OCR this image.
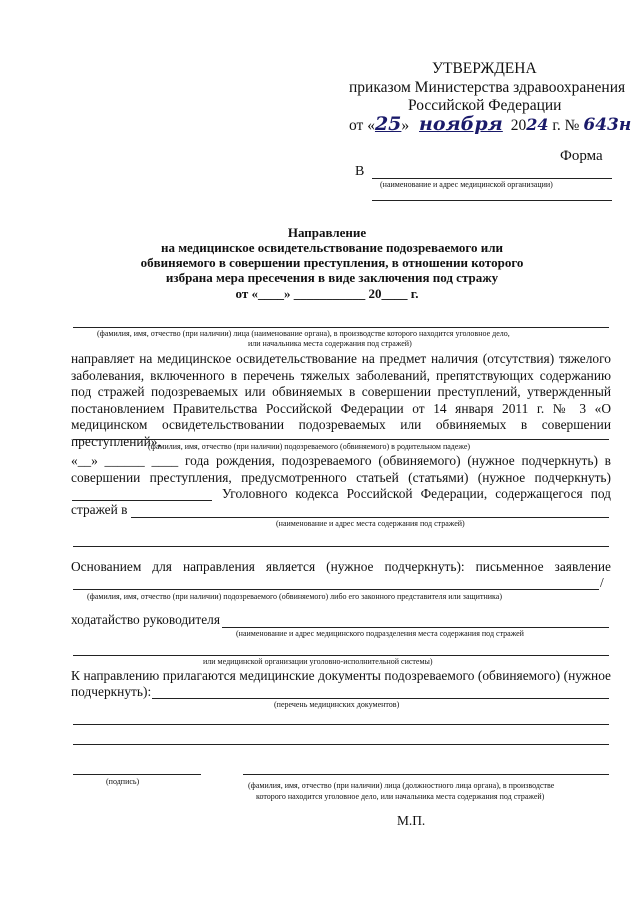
УТВЕРЖДЕНА
приказом Министерства здравоохранения
Российской Федерации
от «25» ноября 2024 г. № 643н
Форма
В
(наименование и адрес медицинской организации)
Направление
на медицинское освидетельствование подозреваемого или
обвиняемого в совершении преступления, в отношении которого
избрана мера пресечения в виде заключения под стражу
от «____» ___________ 20____ г.
(фамилия, имя, отчество (при наличии) лица (наименование органа), в производстве которого находится уголовное дело,
или начальника места содержания под стражей)
направляет на медицинское освидетельствование на предмет наличия (отсутствия) тяжелого заболевания, включенного в перечень тяжелых заболеваний, препятствующих содержанию под стражей подозреваемых или обвиняемых в совершении преступлений, утвержденный постановлением Правительства Российской Федерации от 14 января 2011 г. № 3 «О медицинском освидетельствовании подозреваемых или обвиняемых в совершении преступлений»,
(фамилия, имя, отчество (при наличии) подозреваемого (обвиняемого) в родительном падеже)
«__» ______ ____ года рождения, подозреваемого (обвиняемого) (нужное подчеркнуть) в
совершении преступления, предусмотренного статьей (статьями) (нужное подчеркнуть)
Уголовного кодекса Российской Федерации, содержащегося под
стражей в
(наименование и адрес места содержания под стражей)
Основанием для направления является (нужное подчеркнуть): письменное заявление
/
(фамилия, имя, отчество (при наличии) подозреваемого (обвиняемого) либо его законного представителя или защитника)
ходатайство руководителя
(наименование и адрес медицинского подразделения места содержания под стражей
или медицинской организации уголовно-исполнительной системы)
К направлению прилагаются медицинские документы подозреваемого (обвиняемого) (нужное
подчеркнуть):
(перечень медицинских документов)
(подпись)	(фамилия, имя, отчество (при наличии) лица (должностного лица органа), в производстве
которого находится уголовное дело, или начальника места содержания под стражей)
М.П.
